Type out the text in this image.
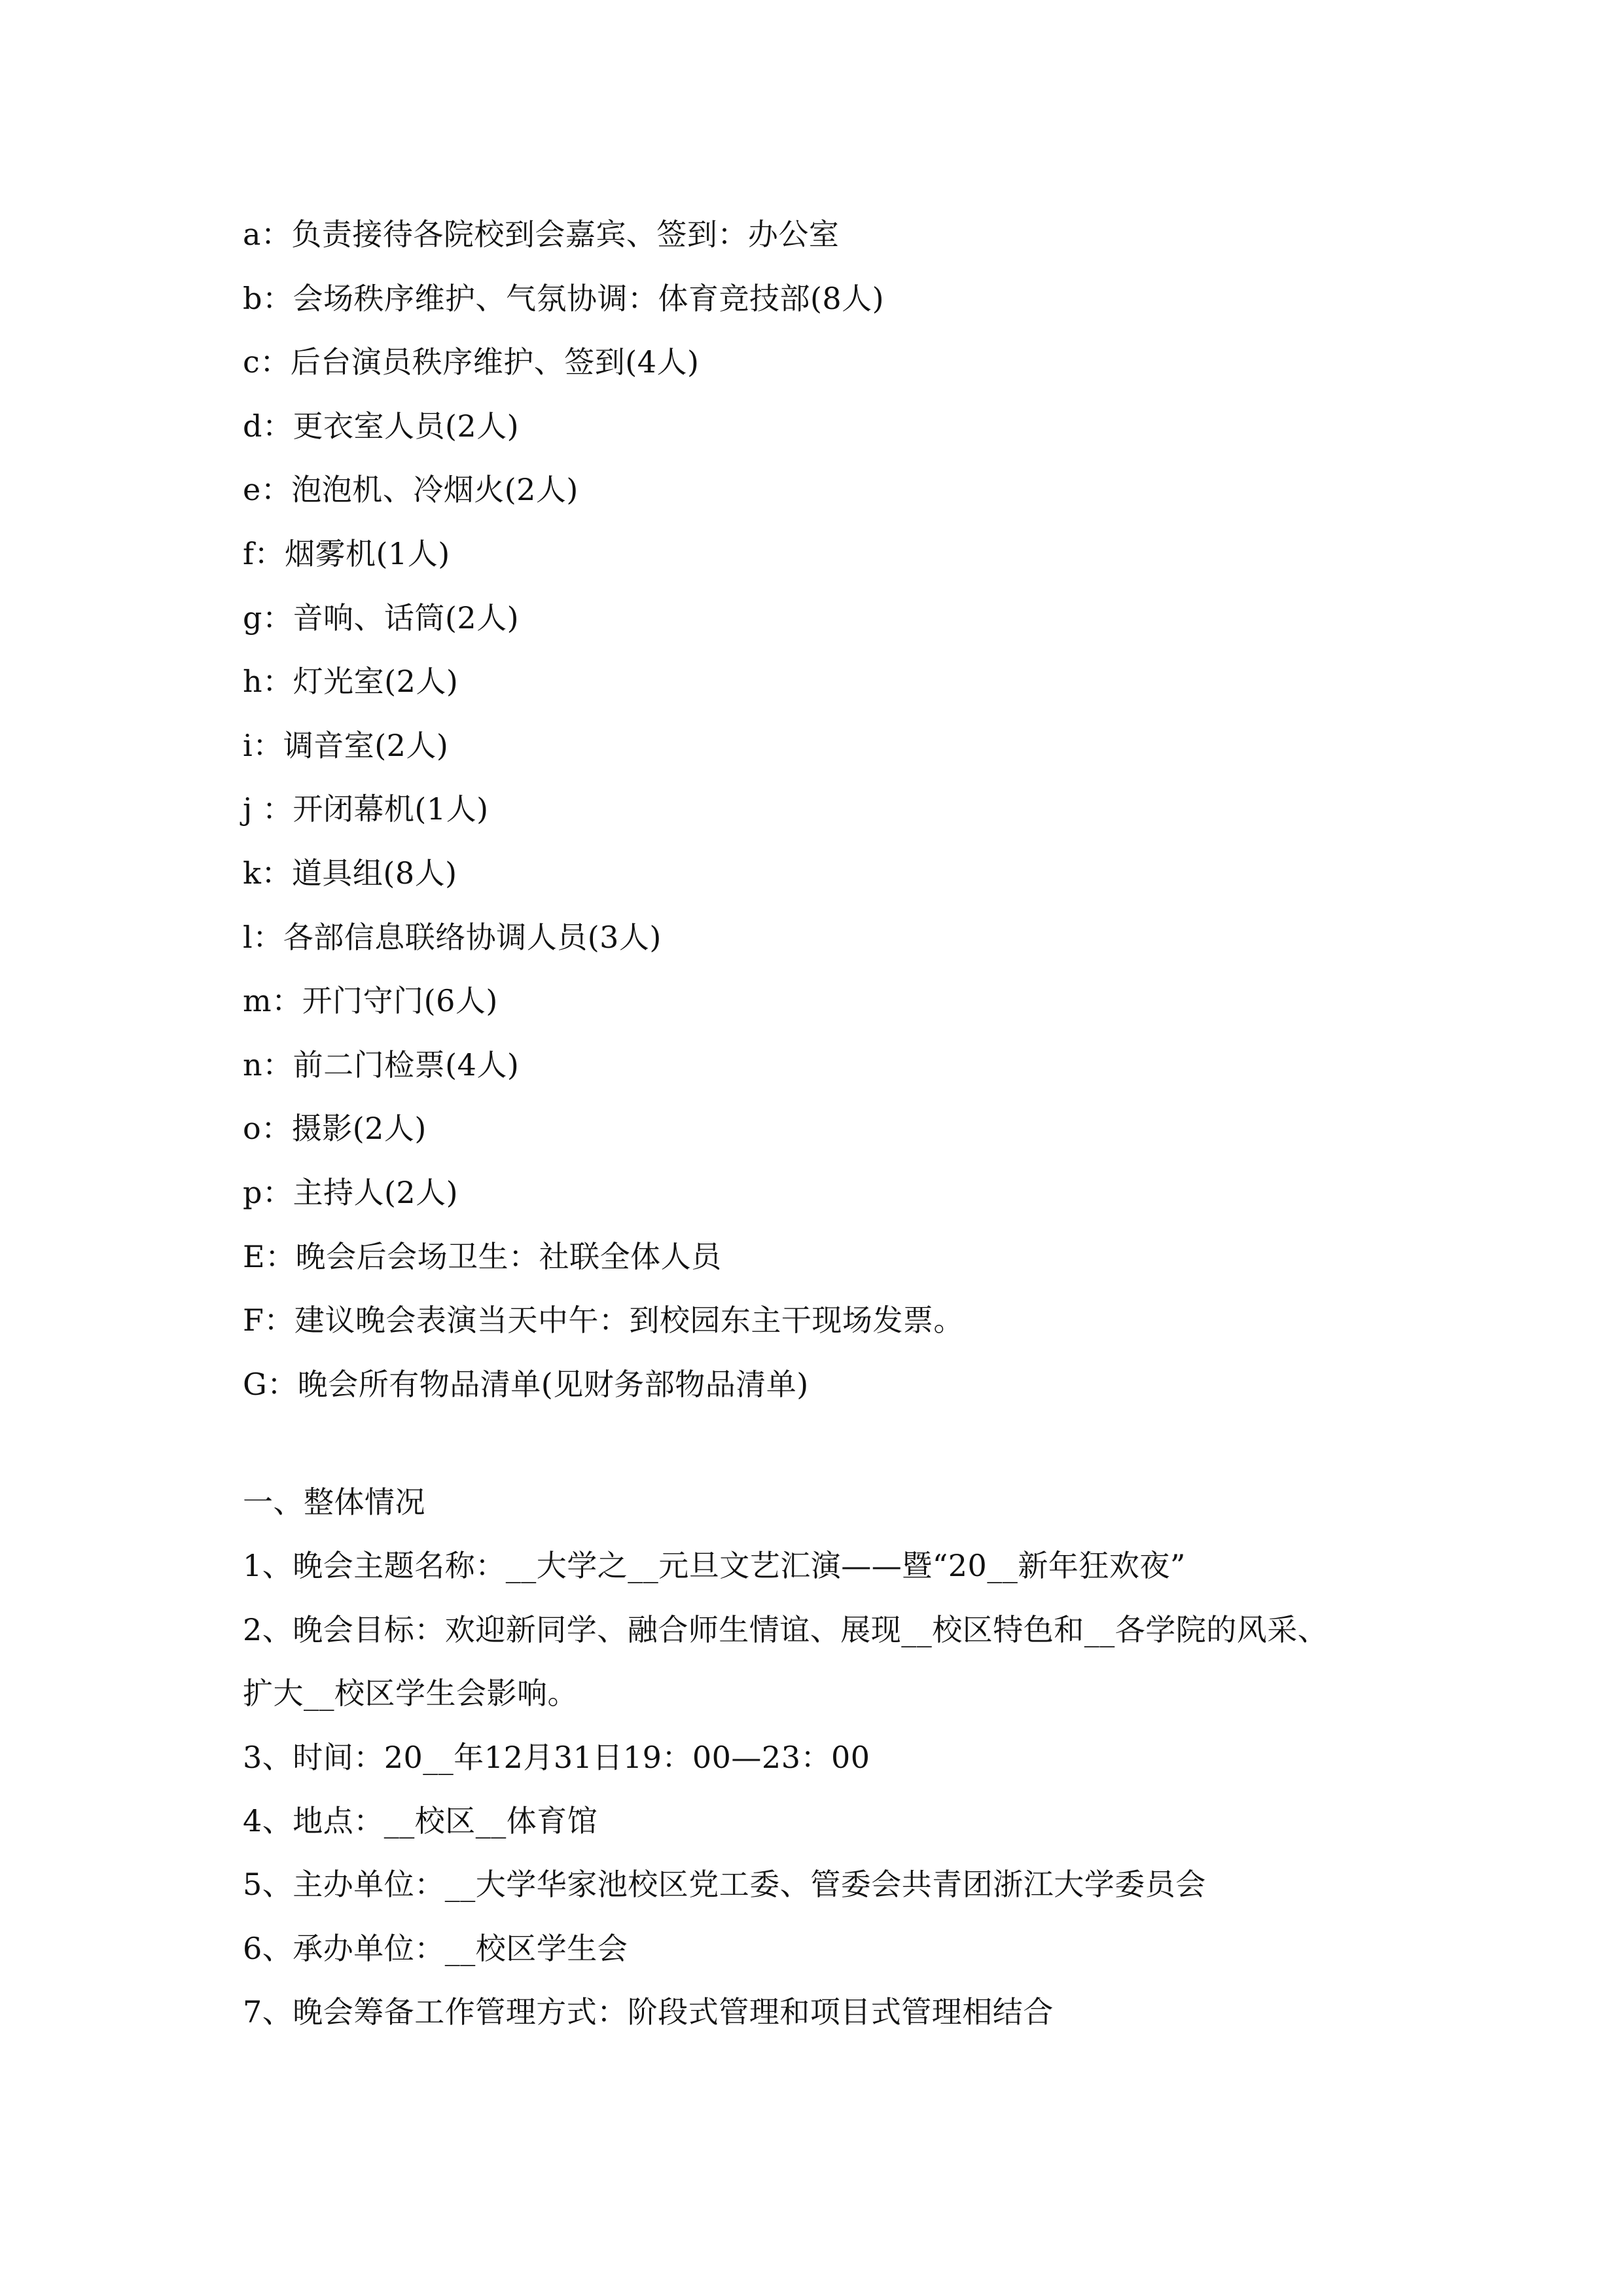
a：负责接待各院校到会嘉宾、签到：办公室
b：会场秩序维护、气氛协调：体育竞技部(8人)
c：后台演员秩序维护、签到(4人)
d：更衣室人员(2人)
e：泡泡机、冷烟火(2人)
f：烟雾机(1人)
g：音响、话筒(2人)
h：灯光室(2人)
i：调音室(2人)
j ：开闭幕机(1人)
k：道具组(8人)
l：各部信息联络协调人员(3人)
m：开门守门(6人)
n：前二门检票(4人)
o：摄影(2人)
p：主持人(2人)
E：晚会后会场卫生：社联全体人员
F：建议晚会表演当天中午：到校园东主干现场发票。
G：晚会所有物品清单(见财务部物品清单)
一、整体情况
1、晚会主题名称：__大学之__元旦文艺汇演——暨“20__新年狂欢夜”
2、晚会目标：欢迎新同学、融合师生情谊、展现__校区特色和__各学院的风采、
扩大__校区学生会影响。
3、时间：20__年12月31日19：00—23：00
4、地点：__校区__体育馆
5、主办单位：__大学华家池校区党工委、管委会共青团浙江大学委员会
6、承办单位：__校区学生会
7、晚会筹备工作管理方式：阶段式管理和项目式管理相结合
